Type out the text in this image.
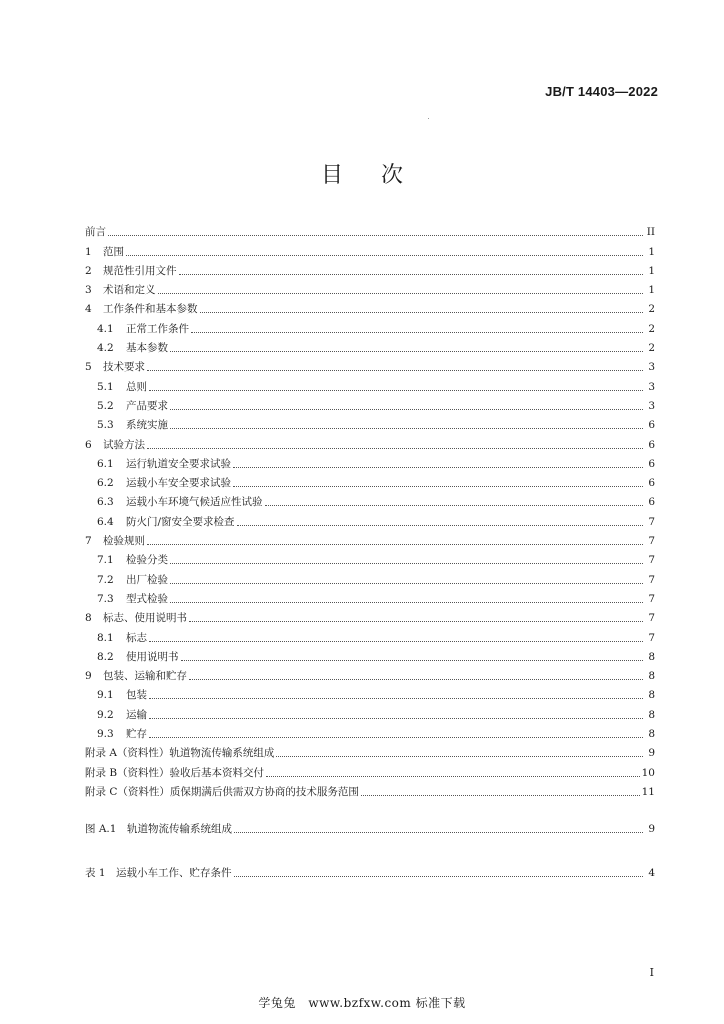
JB/T 14403—2022
目次
前言	II
1	范围	1
2	规范性引用文件	1
3	术语和定义	1
4	工作条件和基本参数	2
4.1	正常工作条件	2
4.2	基本参数	2
5	技术要求	3
5.1	总则	3
5.2	产品要求	3
5.3	系统实施	6
6	试验方法	6
6.1	运行轨道安全要求试验	6
6.2	运载小车安全要求试验	6
6.3	运载小车环境气候适应性试验	6
6.4	防火门/窗安全要求检查	7
7	检验规则	7
7.1	检验分类	7
7.2	出厂检验	7
7.3	型式检验	7
8	标志、使用说明书	7
8.1	标志	7
8.2	使用说明书	8
9	包装、运输和贮存	8
9.1	包装	8
9.2	运输	8
9.3	贮存	8
附录 A（资料性）轨道物流传输系统组成	9
附录 B（资料性）验收后基本资料交付	10
附录 C（资料性）质保期满后供需双方协商的技术服务范围	11
图 A.1　轨道物流传输系统组成	9
表 1　运载小车工作、贮存条件	4
I
学兔兔　www.bzfxw.com 标准下载
